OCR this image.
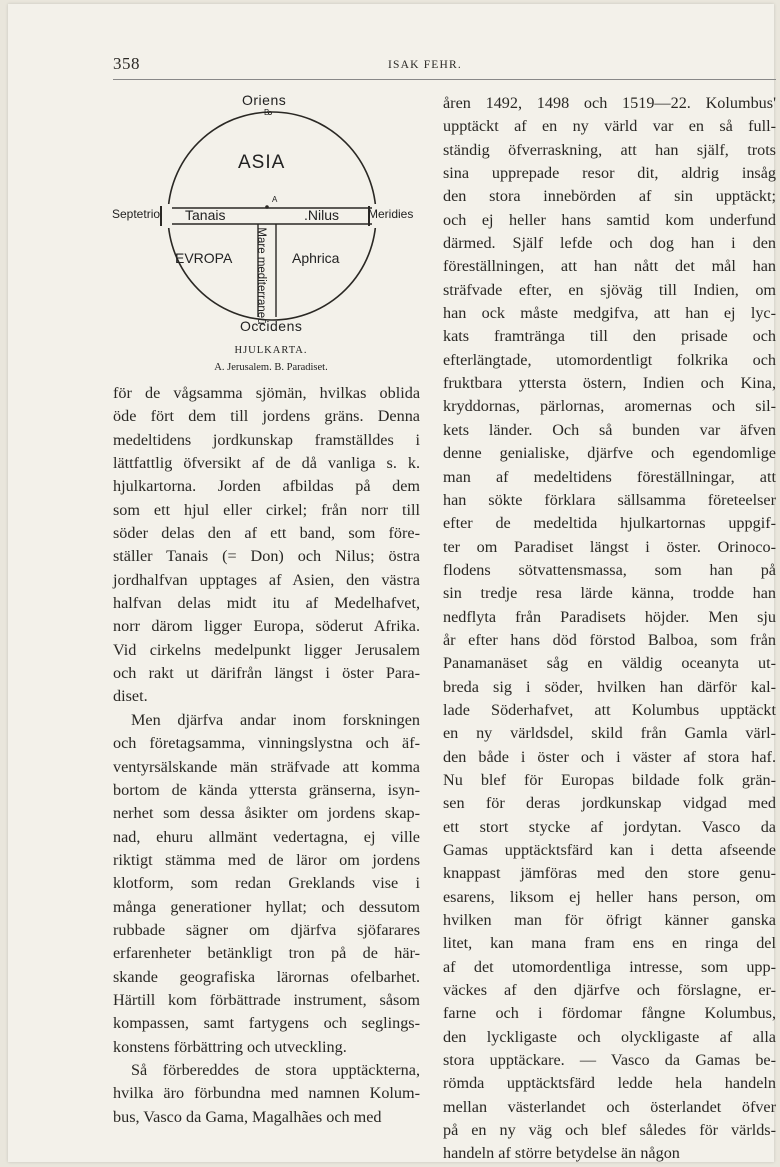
358	ISAK FEHR.
Oriens
B
ASIA
A
Septetrio Tanais	.Nilus Meridies
EVROPA	Aphrica
Mare mediterraneū
Occidens
HJULKARTA.
A. Jerusalem. B. Paradiset.
för de vågsamma sjömän, hvilkas oblida
öde fört dem till jordens gräns. Denna
medeltidens jordkunskap framställdes i
lättfattlig öfversikt af de då vanliga s. k.
hjulkartorna. Jorden afbildas på dem
som ett hjul eller cirkel; från norr till
söder delas den af ett band, som före-
ställer Tanais (= Don) och Nilus; östra
jordhalfvan upptages af Asien, den västra
halfvan delas midt itu af Medelhafvet,
norr därom ligger Europa, söderut Afrika.
Vid cirkelns medelpunkt ligger Jerusalem
och rakt ut därifrån längst i öster Para-
diset.
Men djärfva andar inom forskningen
och företagsamma, vinningslystna och äf-
ventyrsälskande män sträfvade att komma
bortom de kända yttersta gränserna, isyn-
nerhet som dessa åsikter om jordens skap-
nad, ehuru allmänt vedertagna, ej ville
riktigt stämma med de läror om jordens
klotform, som redan Greklands vise i
många generationer hyllat; och dessutom
rubbade sägner om djärfva sjöfarares
erfarenheter betänkligt tron på de här-
skande geografiska lärornas ofelbarhet.
Härtill kom förbättrade instrument, såsom
kompassen, samt fartygens och seglings-
konstens förbättring och utveckling.
Så förbereddes de stora upptäckterna,
hvilka äro förbundna med namnen Kolum-
bus, Vasco da Gama, Magalhães och med
åren 1492, 1498 och 1519—22. Kolumbus'
upptäckt af en ny värld var en så full-
ständig öfverraskning, att han själf, trots
sina upprepade resor dit, aldrig insåg
den stora innebörden af sin upptäckt;
och ej heller hans samtid kom underfund
därmed. Själf lefde och dog han i den
föreställningen, att han nått det mål han
sträfvade efter, en sjöväg till Indien, om
han ock måste medgifva, att han ej lyc-
kats framtränga till den prisade och
efterlängtade, utomordentligt folkrika och
fruktbara yttersta östern, Indien och Kina,
kryddornas, pärlornas, aromernas och sil-
kets länder. Och så bunden var äfven
denne genialiske, djärfve och egendomlige
man af medeltidens föreställningar, att
han sökte förklara sällsamma företeelser
efter de medeltida hjulkartornas uppgif-
ter om Paradiset längst i öster. Orinoco-
flodens sötvattensmassa, som han på
sin tredje resa lärde känna, trodde han
nedflyta från Paradisets höjder. Men sju
år efter hans död förstod Balboa, som från
Panamanäset såg en väldig oceanyta ut-
breda sig i söder, hvilken han därför kal-
lade Söderhafvet, att Kolumbus upptäckt
en ny världsdel, skild från Gamla värl-
den både i öster och i väster af stora haf.
Nu blef för Europas bildade folk grän-
sen för deras jordkunskap vidgad med
ett stort stycke af jordytan. Vasco da
Gamas upptäcktsfärd kan i detta afseende
knappast jämföras med den store genu-
esarens, liksom ej heller hans person, om
hvilken man för öfrigt känner ganska
litet, kan mana fram ens en ringa del
af det utomordentliga intresse, som upp-
väckes af den djärfve och förslagne, er-
farne och i fördomar fångne Kolumbus,
den lyckligaste och olyckligaste af alla
stora upptäckare. — Vasco da Gamas be-
römda upptäcktsfärd ledde hela handeln
mellan västerlandet och österlandet öfver
på en ny väg och blef således för världs-
handeln af större betydelse än någon
